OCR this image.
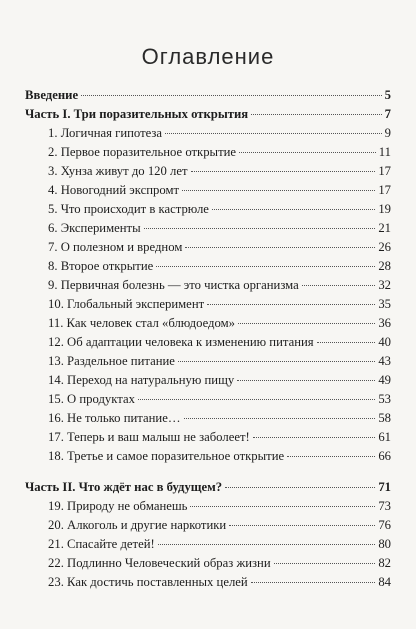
Оглавление
Введение	5
Часть I. Три поразительных открытия	7
1. Логичная гипотеза	9
2. Первое поразительное открытие	11
3. Хунза живут до 120 лет	17
4. Новогодний экспромт	17
5. Что происходит в кастрюле	19
6. Эксперименты	21
7. О полезном и вредном	26
8. Второе открытие	28
9. Первичная болезнь — это чистка организма	32
10. Глобальный эксперимент	35
11. Как человек стал «блюдоедом»	36
12. Об адаптации человека к изменению питания	40
13. Раздельное питание	43
14. Переход на натуральную пищу	49
15. О продуктах	53
16. Не только питание…	58
17. Теперь и ваш малыш не заболеет!	61
18. Третье и самое поразительное открытие	66
Часть II. Что ждёт нас в будущем?	71
19. Природу не обманешь	73
20. Алкоголь и другие наркотики	76
21. Спасайте детей!	80
22. Подлинно Человеческий образ жизни	82
23. Как достичь поставленных целей	84
